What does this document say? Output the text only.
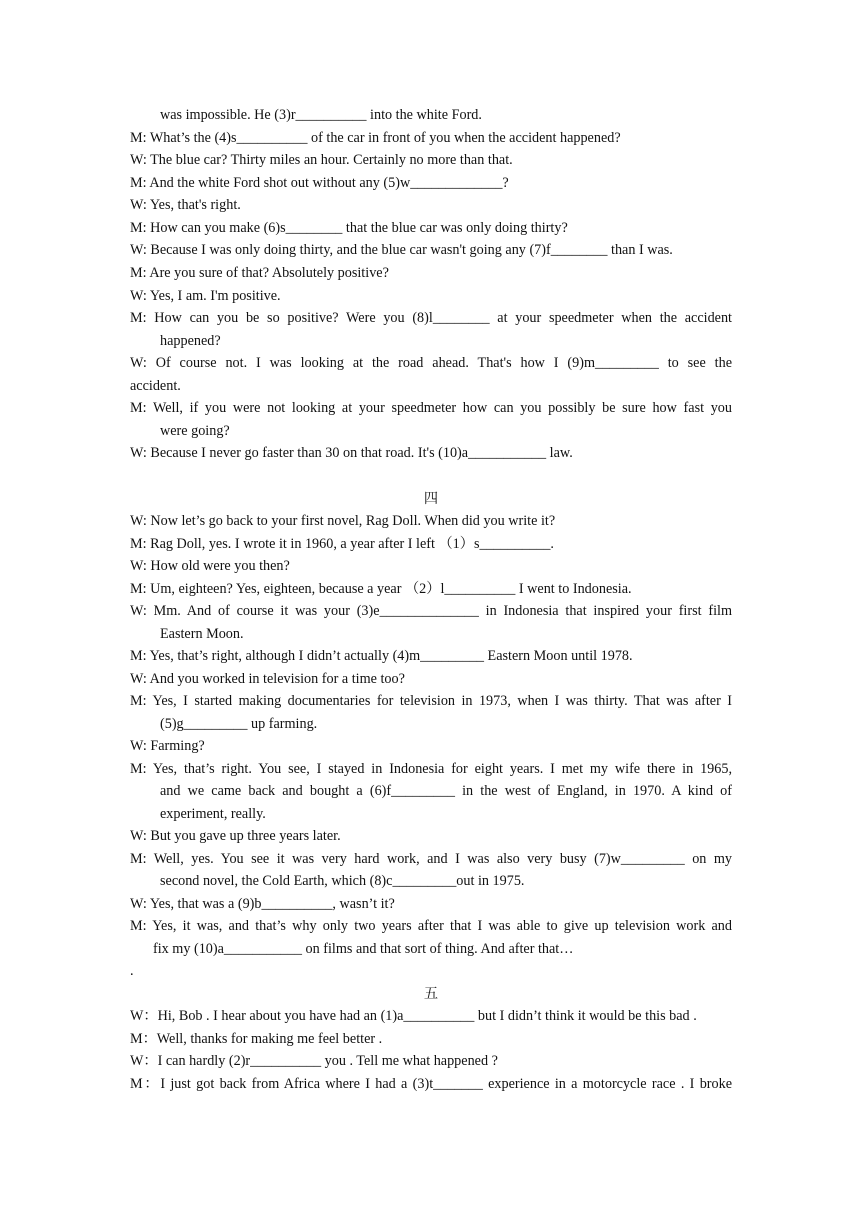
was impossible. He (3)r__________ into the white Ford.
M: What’s the (4)s__________ of the car in front of you when the accident happened?
W: The blue car? Thirty miles an hour. Certainly no more than that.
M: And the white Ford shot out without any (5)w_____________?
W: Yes, that's right.
M: How can you make (6)s________ that the blue car was only doing thirty?
W: Because I was only doing thirty, and the blue car wasn't going any (7)f________ than I was.
M: Are you sure of that? Absolutely positive?
W: Yes, I am. I'm positive.
M: How can you be so positive? Were you (8)l________ at your speedmeter when the accident
happened?
W: Of course not. I was looking at the road ahead. That's how I (9)m_________ to see the
accident.
M: Well, if you were not looking at your speedmeter how can you possibly be sure how fast you
were going?
W: Because I never go faster than 30 on that road. It's (10)a___________ law.
四
W: Now let’s go back to your first novel, Rag Doll. When did you write it?
M: Rag Doll, yes. I wrote it in 1960, a year after I left （1）s__________.
W: How old were you then?
M: Um, eighteen? Yes, eighteen, because a year （2）l__________ I went to Indonesia.
W: Mm. And of course it was your (3)e______________ in Indonesia that inspired your first film
Eastern Moon.
M: Yes, that’s right, although I didn’t actually (4)m_________ Eastern Moon until 1978.
W: And you worked in television for a time too?
M: Yes, I started making documentaries for television in 1973, when I was thirty. That was after I
(5)g_________ up farming.
W: Farming?
M: Yes, that’s right. You see, I stayed in Indonesia for eight years. I met my wife there in 1965,
and we came back and bought a (6)f_________ in the west of England, in 1970. A kind of
experiment, really.
W: But you gave up three years later.
M: Well, yes. You see it was very hard work, and I was also very busy (7)w_________ on my
second novel, the Cold Earth, which (8)c_________out in 1975.
W: Yes, that was a (9)b__________, wasn’t it?
M: Yes, it was, and that’s why only two years after that I was able to give up television work and
fix my (10)a___________ on films and that sort of thing. And after that…
.
五
W：Hi, Bob . I hear about you have had an (1)a__________ but I didn’t think it would be this bad .
M：Well, thanks for making me feel better .
W：I can hardly (2)r__________ you . Tell me what happened ?
M：I just got back from Africa where I had a (3)t_______ experience in a motorcycle race . I broke
